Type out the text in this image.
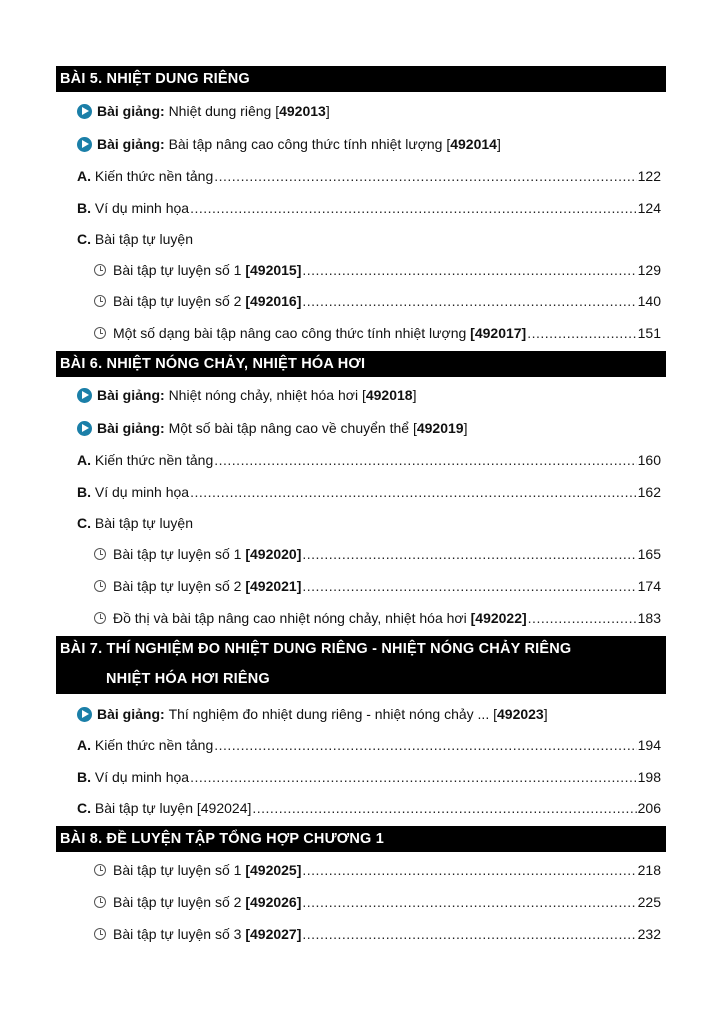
BÀI 5. NHIỆT DUNG RIÊNG
Bài giảng:
Nhiệt dung riêng [ 492013 ]
Bài giảng:
Bài tập nâng cao công thức tính nhiệt lượng [ 492014 ]
A. Kiến thức nền tảng .....	122
B. Ví dụ minh họa .....	124
C. Bài tập tự luyện
Bài tập tự luyện số 1 [492015] .....	129
Bài tập tự luyện số 2 [492016] .....	140
Một số dạng bài tập nâng cao công thức tính nhiệt lượng [492017] .....	151
BÀI 6. NHIỆT NÓNG CHẢY, NHIỆT HÓA HƠI
Bài giảng:
Nhiệt nóng chảy, nhiệt hóa hơi [ 492018 ]
Bài giảng:
Một số bài tập nâng cao về chuyển thể [ 492019 ]
A. Kiến thức nền tảng .....	160
B. Ví dụ minh họa .....	162
C. Bài tập tự luyện
Bài tập tự luyện số 1 [492020] .....	165
Bài tập tự luyện số 2 [492021] .....	174
Đồ thị và bài tập nâng cao nhiệt nóng chảy, nhiệt hóa hơi [492022] .....	183
BÀI 7. THÍ NGHIỆM ĐO NHIỆT DUNG RIÊNG - NHIỆT NÓNG CHẢY RIÊNG
NHIỆT HÓA HƠI RIÊNG
Bài giảng:
Thí nghiệm đo nhiệt dung riêng - nhiệt nóng chảy ... [ 492023 ]
A. Kiến thức nền tảng .....	194
B. Ví dụ minh họa .....	198
C. Bài tập tự luyện [492024] .....	206
BÀI 8. ĐỀ LUYỆN TẬP TỔNG HỢP CHƯƠNG 1
Bài tập tự luyện số 1 [492025] .....	218
Bài tập tự luyện số 2 [492026] .....	225
Bài tập tự luyện số 3 [492027] .....	232
